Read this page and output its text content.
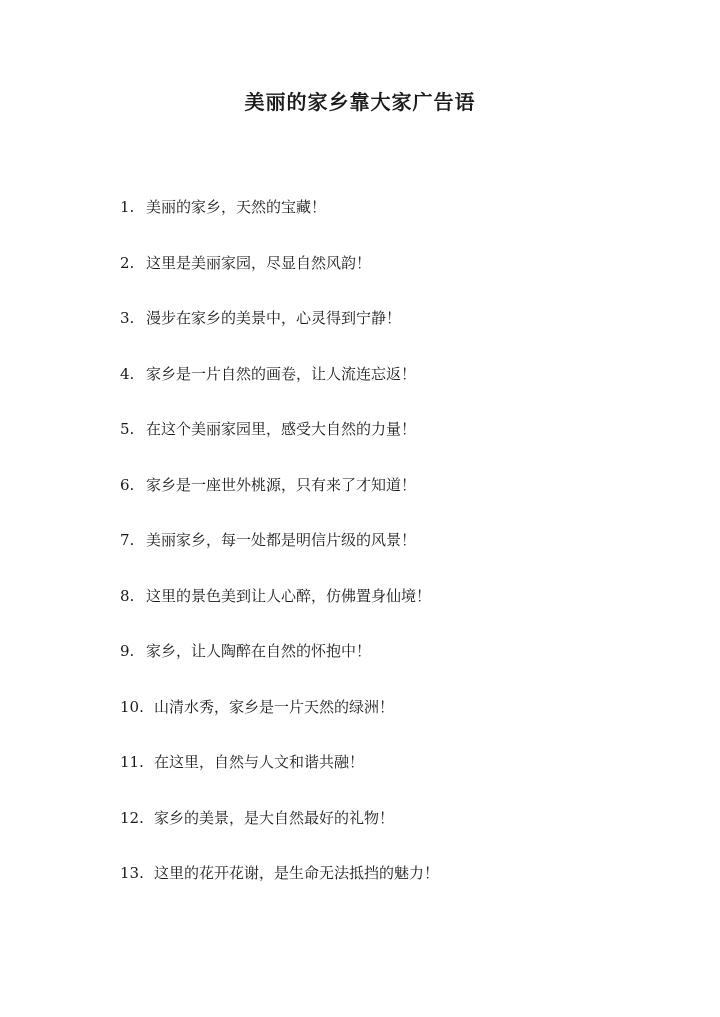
美丽的家乡靠大家广告语
1. 美丽的家乡，天然的宝藏！
2. 这里是美丽家园，尽显自然风韵！
3. 漫步在家乡的美景中，心灵得到宁静！
4. 家乡是一片自然的画卷，让人流连忘返！
5. 在这个美丽家园里，感受大自然的力量！
6. 家乡是一座世外桃源，只有来了才知道！
7. 美丽家乡，每一处都是明信片级的风景！
8. 这里的景色美到让人心醉，仿佛置身仙境！
9. 家乡，让人陶醉在自然的怀抱中！
10. 山清水秀，家乡是一片天然的绿洲！
11. 在这里，自然与人文和谐共融！
12. 家乡的美景，是大自然最好的礼物！
13. 这里的花开花谢，是生命无法抵挡的魅力！
